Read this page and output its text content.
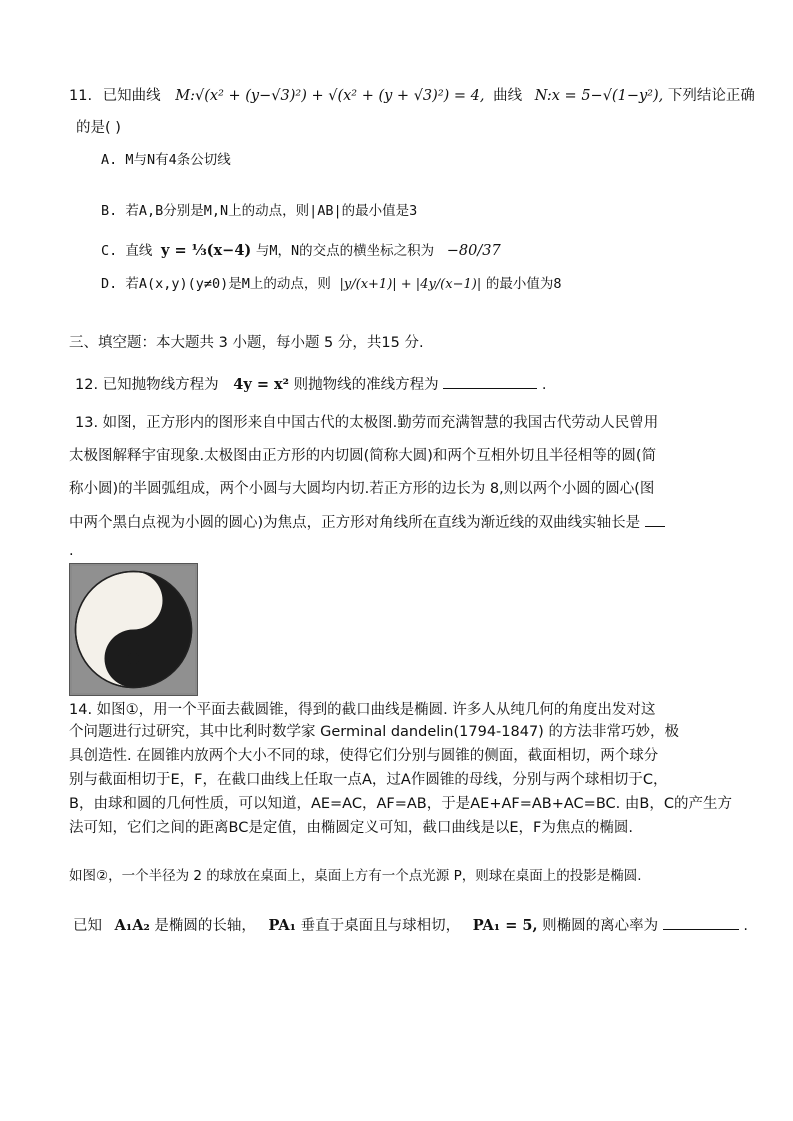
11. 已知曲线 M:√(x² + (y−√3)²) + √(x² + (y + √3)²) = 4, 曲线 N:x = 5−√(1−y²), 下列结论正确
的是( )
A. M与N有4条公切线
B. 若A,B分别是M,N上的动点，则|AB|的最小值是3
C. 直线 y = ⅓(x−4) 与M，N的交点的横坐标之积为 −80/37
D. 若A(x,y)(y≠0)是M上的动点，则 |y/(x+1)| + |4y/(x−1)| 的最小值为8
三、填空题：本大题共 3 小题，每小题 5 分，共15 分.
12. 已知抛物线方程为 4y = x² 则抛物线的准线方程为	.
13. 如图，正方形内的图形来自中国古代的太极图.勤劳而充满智慧的我国古代劳动人民曾用
太极图解释宇宙现象.太极图由正方形的内切圆(简称大圆)和两个互相外切且半径相等的圆(简
称小圆)的半圆弧组成，两个小圆与大圆均内切.若正方形的边长为 8,则以两个小圆的圆心(图
中两个黑白点视为小圆的圆心)为焦点，正方形对角线所在直线为渐近线的双曲线实轴长是
.
14. 如图①，用一个平面去截圆锥，得到的截口曲线是椭圆. 许多人从纯几何的角度出发对这
个问题进行过研究，其中比利时数学家 Germinal dandelin(1794-1847) 的方法非常巧妙，极
具创造性. 在圆锥内放两个大小不同的球，使得它们分别与圆锥的侧面，截面相切，两个球分
别与截面相切于E，F，在截口曲线上任取一点A，过A作圆锥的母线，分别与两个球相切于C，
B，由球和圆的几何性质，可以知道，AE=AC，AF=AB，于是AE+AF=AB+AC=BC. 由B，C的产生方
法可知，它们之间的距离BC是定值，由椭圆定义可知，截口曲线是以E，F为焦点的椭圆.
如图②，一个半径为 2 的球放在桌面上，桌面上方有一个点光源 P，则球在桌面上的投影是椭圆.
已知 A₁A₂ 是椭圆的长轴， PA₁ 垂直于桌面且与球相切， PA₁ = 5, 则椭圆的离心率为	.
